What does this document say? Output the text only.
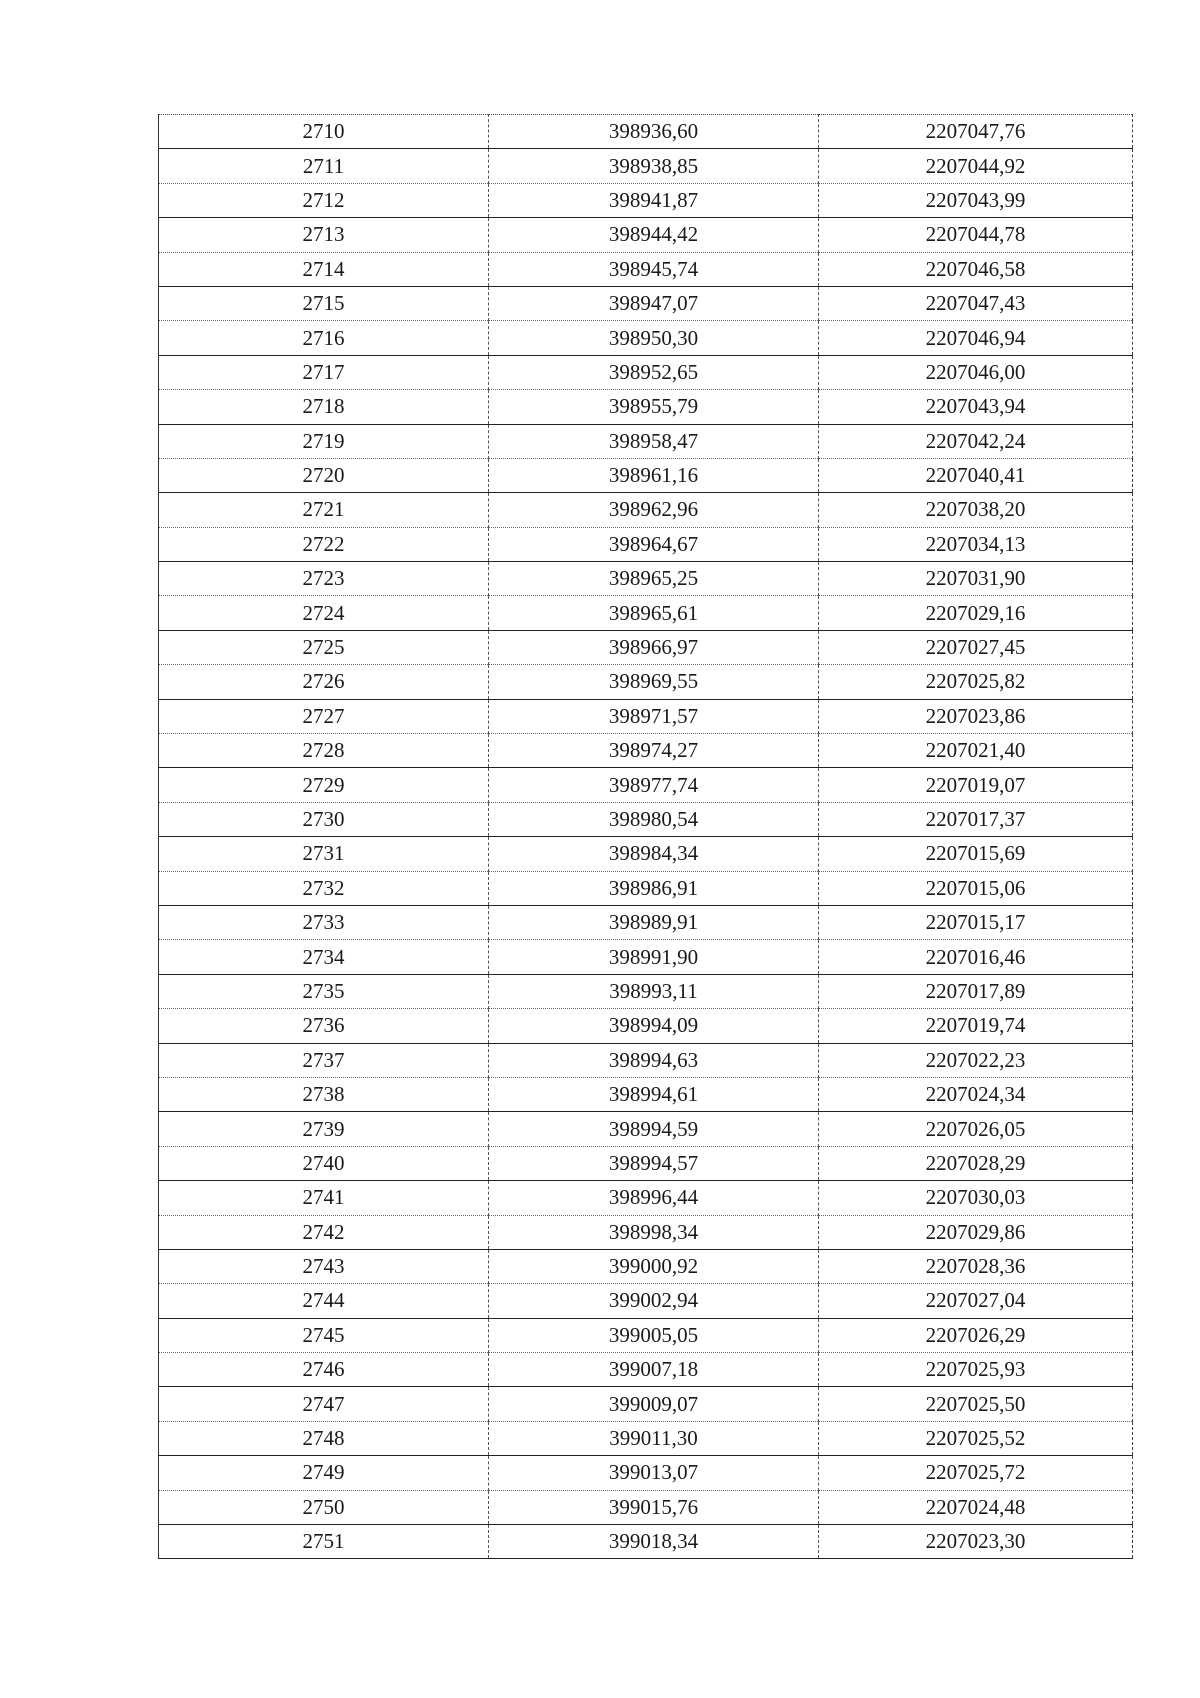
2710	398936,60	2207047,76
2711	398938,85	2207044,92
2712	398941,87	2207043,99
2713	398944,42	2207044,78
2714	398945,74	2207046,58
2715	398947,07	2207047,43
2716	398950,30	2207046,94
2717	398952,65	2207046,00
2718	398955,79	2207043,94
2719	398958,47	2207042,24
2720	398961,16	2207040,41
2721	398962,96	2207038,20
2722	398964,67	2207034,13
2723	398965,25	2207031,90
2724	398965,61	2207029,16
2725	398966,97	2207027,45
2726	398969,55	2207025,82
2727	398971,57	2207023,86
2728	398974,27	2207021,40
2729	398977,74	2207019,07
2730	398980,54	2207017,37
2731	398984,34	2207015,69
2732	398986,91	2207015,06
2733	398989,91	2207015,17
2734	398991,90	2207016,46
2735	398993,11	2207017,89
2736	398994,09	2207019,74
2737	398994,63	2207022,23
2738	398994,61	2207024,34
2739	398994,59	2207026,05
2740	398994,57	2207028,29
2741	398996,44	2207030,03
2742	398998,34	2207029,86
2743	399000,92	2207028,36
2744	399002,94	2207027,04
2745	399005,05	2207026,29
2746	399007,18	2207025,93
2747	399009,07	2207025,50
2748	399011,30	2207025,52
2749	399013,07	2207025,72
2750	399015,76	2207024,48
2751	399018,34	2207023,30
